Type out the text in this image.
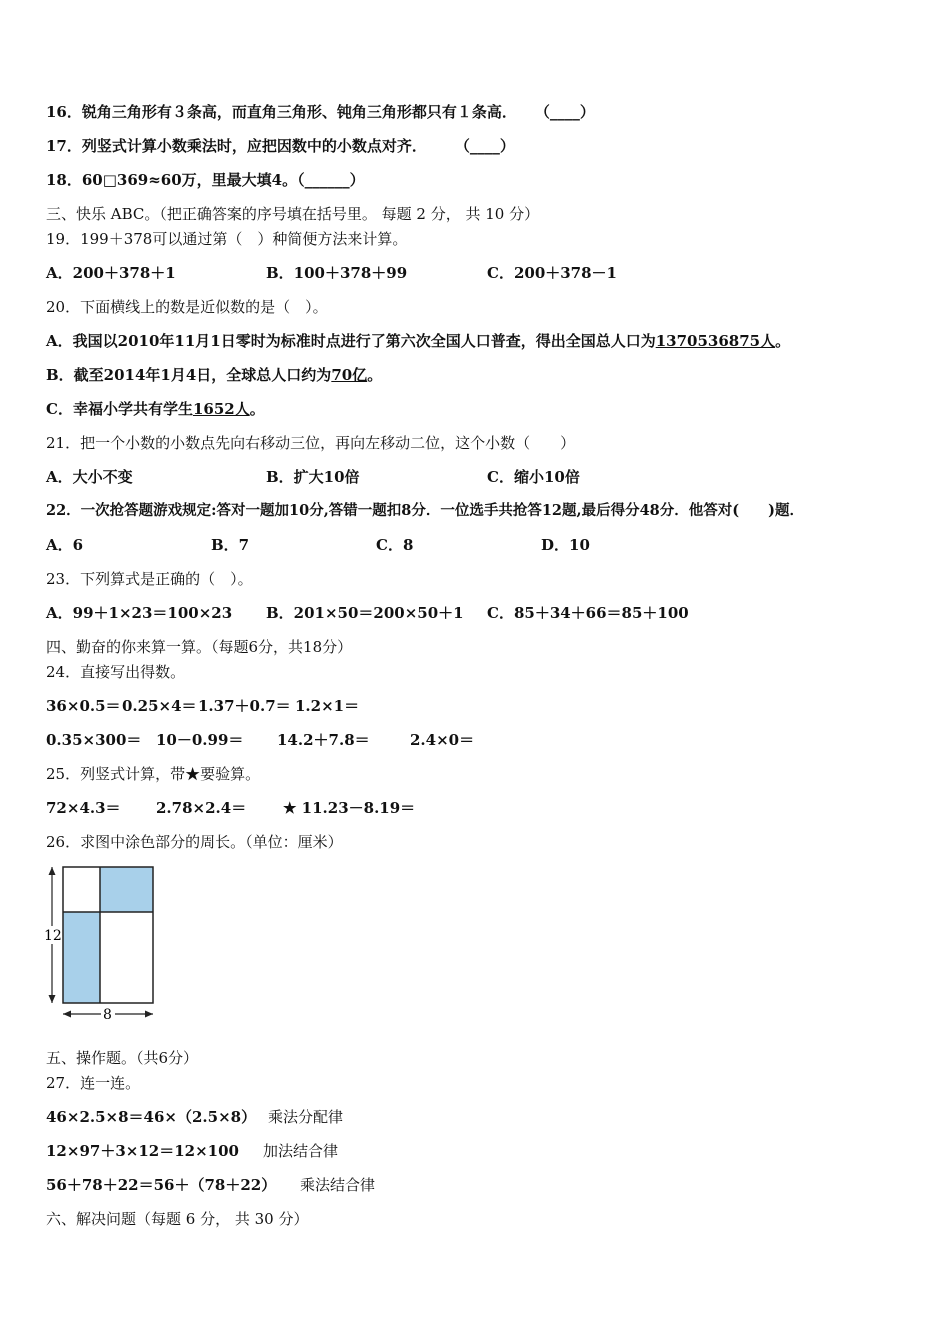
16．锐角三角形有３条高，而直角三角形、钝角三角形都只有１条高． （____）
17．列竖式计算小数乘法时，应把因数中的小数点对齐． （____）
18．60□369≈60万，里最大填4。（______）
三、快乐 ABC。（把正确答案的序号填在括号里。 每题 2 分， 共 10 分）
19．199＋378可以通过第（　）种简便方法来计算。
A．200＋378＋1	B．100＋378＋99	C．200＋378－1
20．下面横线上的数是近似数的是（　）。
A．我国以2010年11月1日零时为标准时点进行了第六次全国人口普查，得出全国总人口为1370536875人。
B．截至2014年1月4日，全球总人口约为70亿。
C．幸福小学共有学生1652人。
21．把一个小数的小数点先向右移动三位，再向左移动二位，这个小数（　　）
A．大小不变	B．扩大10倍	C．缩小10倍
22．一次抢答题游戏规定:答对一题加10分,答错一题扣8分．一位选手共抢答12题,最后得分48分．他答对(　　)题．
A．6	B．7	C．8	D．10
23．下列算式是正确的（　）。
A．99＋1×23＝100×23 B．201×50＝200×50＋1 C．85＋34＋66＝85＋100
四、勤奋的你来算一算。（每题6分，共18分）
24．直接写出得数。
36×0.5＝ 0.25×4＝ 1.37＋0.7＝ 1.2×1＝
0.35×300＝ 10－0.99＝ 14.2＋7.8＝	2.4×0＝
25．列竖式计算，带★要验算。
72×4.3＝ 2.78×2.4＝ ★ 11.23－8.19＝
26．求图中涂色部分的周长。（单位：厘米）
12
8
五、操作题。（共6分）
27．连一连。
46×2.5×8＝46×（2.5×8） 乘法分配律
12×97＋3×12＝12×100 加法结合律
56＋78＋22＝56＋（78＋22） 乘法结合律
六、解决问题（每题 6 分， 共 30 分）
